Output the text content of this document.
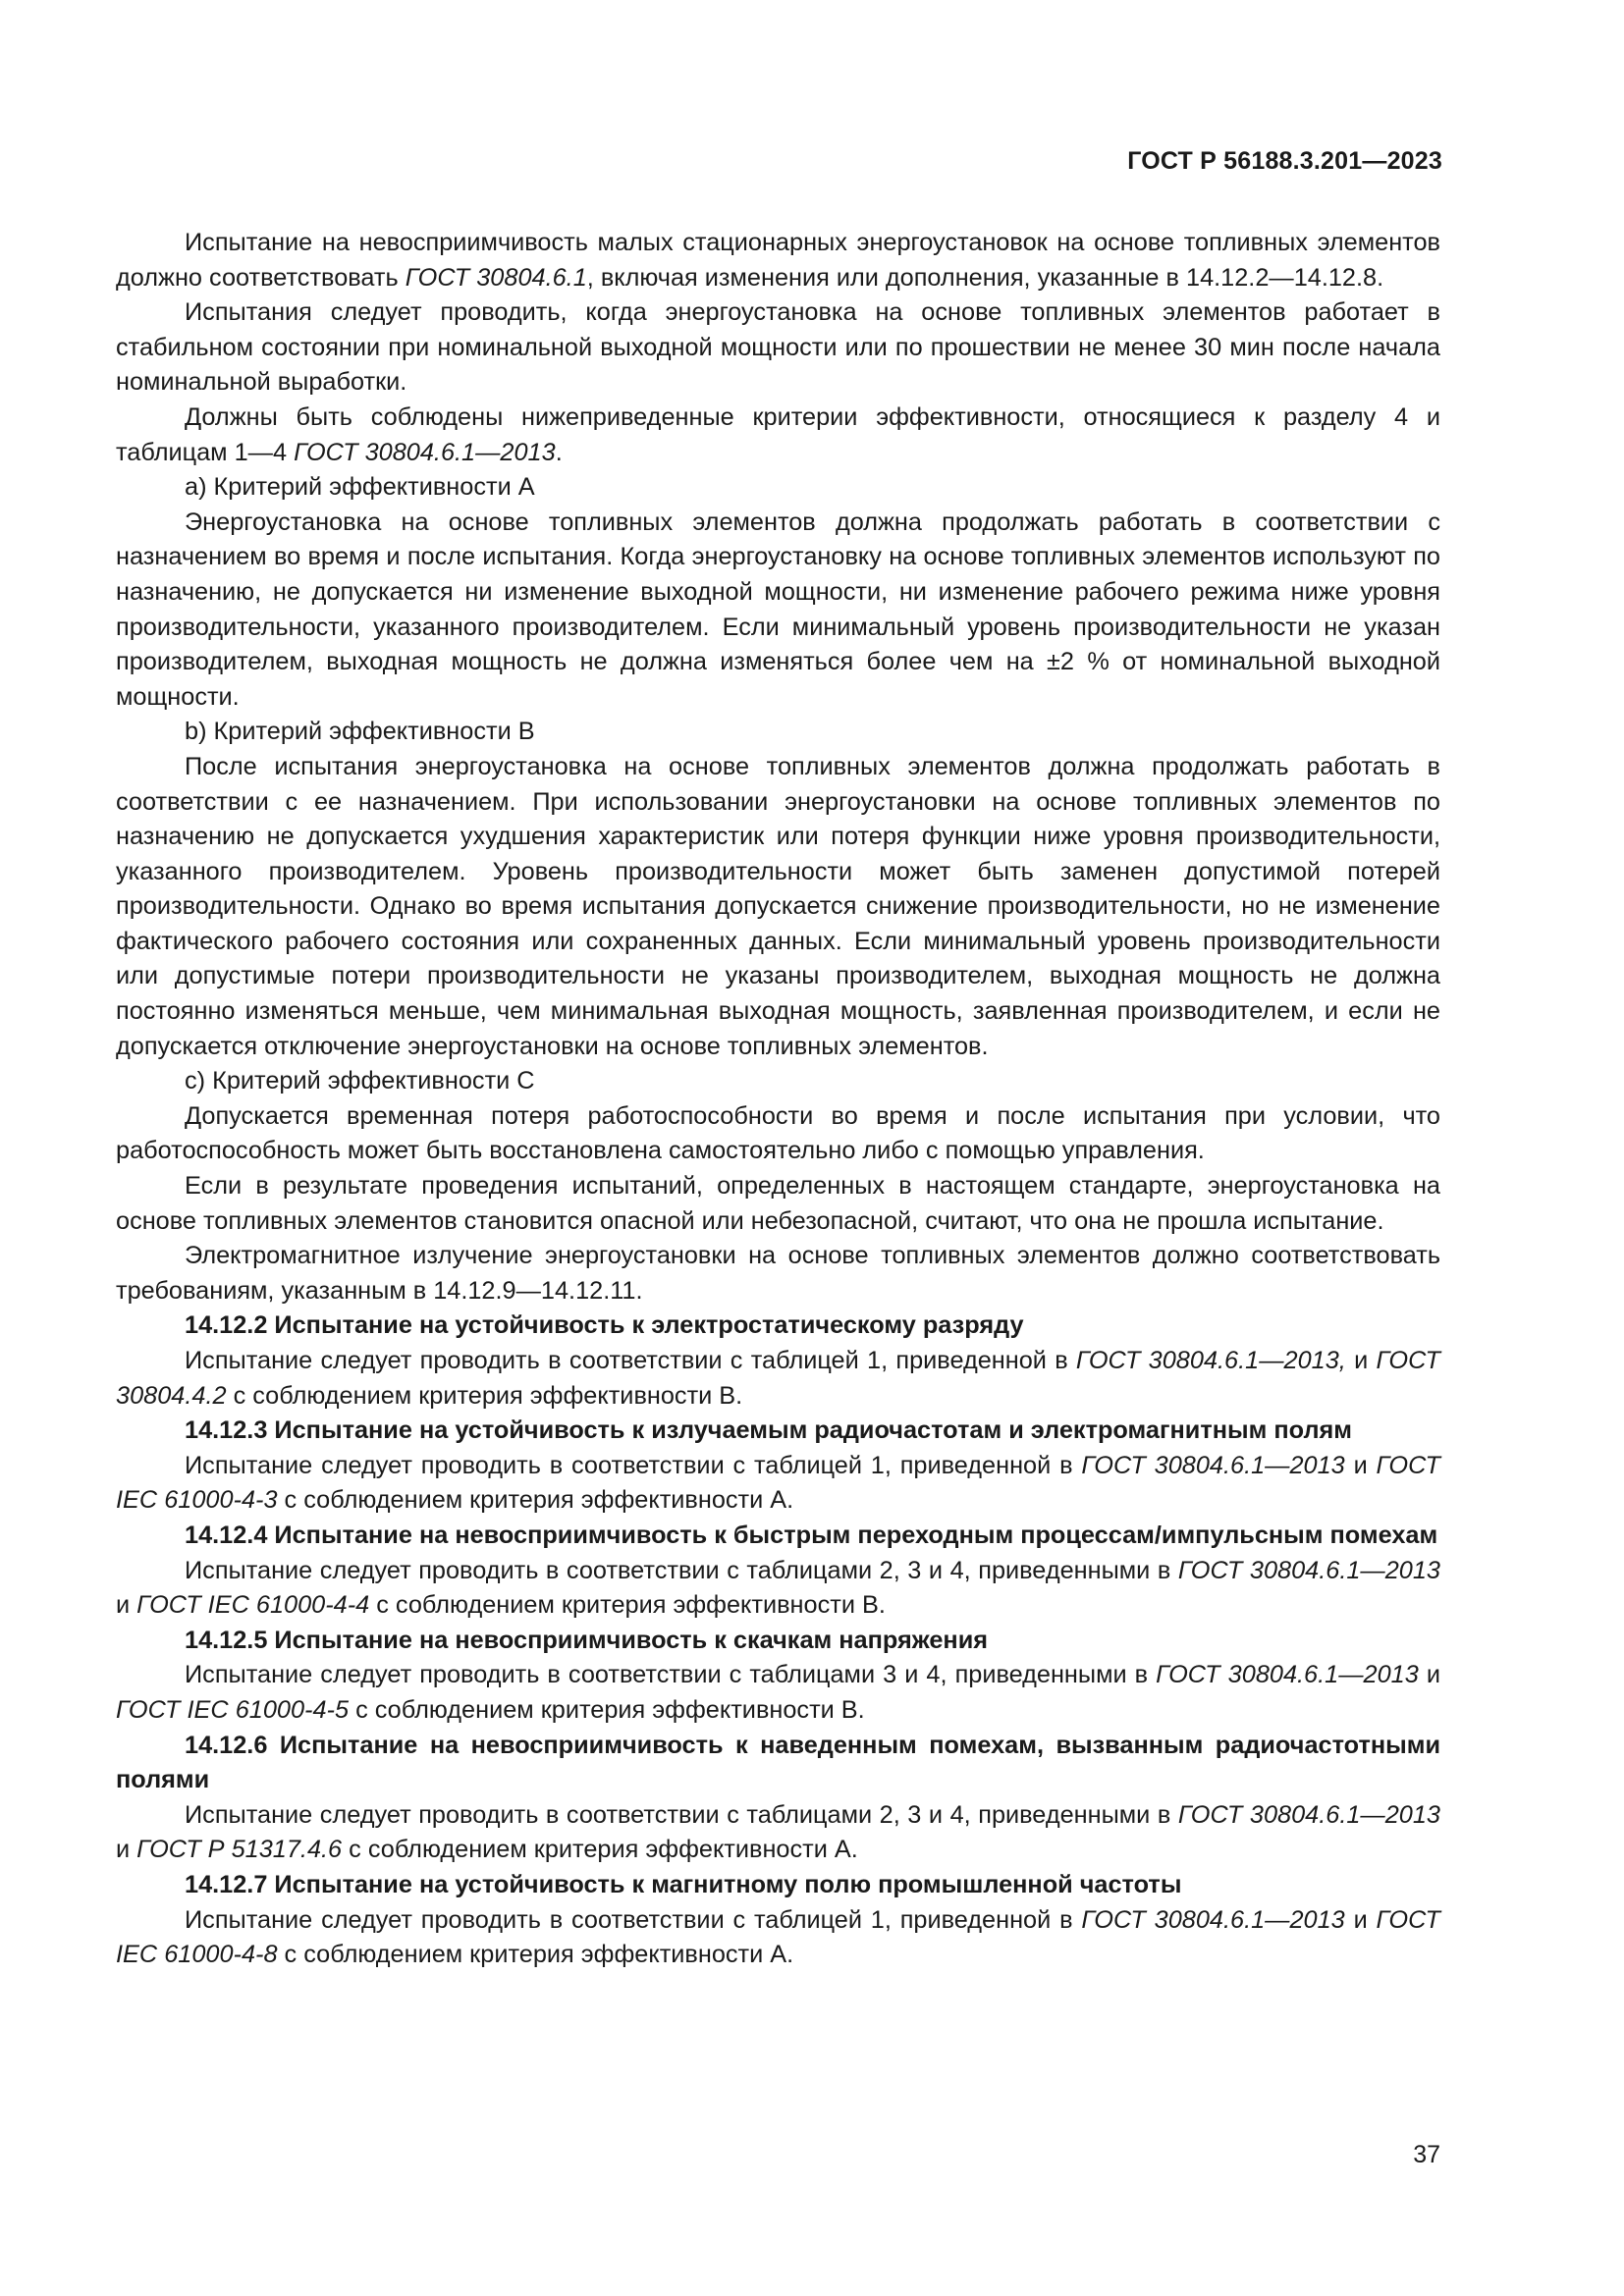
ГОСТ Р 56188.3.201—2023

Испытание на невосприимчивость малых стационарных энергоустановок на основе топливных элементов должно соответствовать ГОСТ 30804.6.1, включая изменения или дополнения, указанные в 14.12.2—14.12.8.

Испытания следует проводить, когда энергоустановка на основе топливных элементов работает в стабильном состоянии при номинальной выходной мощности или по прошествии не менее 30 мин после начала номинальной выработки.

Должны быть соблюдены нижеприведенные критерии эффективности, относящиеся к разделу 4 и таблицам 1—4 ГОСТ 30804.6.1—2013.

a) Критерий эффективности А

Энергоустановка на основе топливных элементов должна продолжать работать в соответствии с назначением во время и после испытания. Когда энергоустановку на основе топливных элементов используют по назначению, не допускается ни изменение выходной мощности, ни изменение рабочего режима ниже уровня производительности, указанного производителем. Если минимальный уровень производительности не указан производителем, выходная мощность не должна изменяться более чем на ±2 % от номинальной выходной мощности.

b) Критерий эффективности В

После испытания энергоустановка на основе топливных элементов должна продолжать работать в соответствии с ее назначением. При использовании энергоустановки на основе топливных элементов по назначению не допускается ухудшения характеристик или потеря функции ниже уровня производительности, указанного производителем. Уровень производительности может быть заменен допустимой потерей производительности. Однако во время испытания допускается снижение производительности, но не изменение фактического рабочего состояния или сохраненных данных. Если минимальный уровень производительности или допустимые потери производительности не указаны производителем, выходная мощность не должна постоянно изменяться меньше, чем минимальная выходная мощность, заявленная производителем, и если не допускается отключение энергоустановки на основе топливных элементов.

c) Критерий эффективности С

Допускается временная потеря работоспособности во время и после испытания при условии, что работоспособность может быть восстановлена самостоятельно либо с помощью управления.

Если в результате проведения испытаний, определенных в настоящем стандарте, энергоустановка на основе топливных элементов становится опасной или небезопасной, считают, что она не прошла испытание.

Электромагнитное излучение энергоустановки на основе топливных элементов должно соответствовать требованиям, указанным в 14.12.9—14.12.11.

14.12.2 Испытание на устойчивость к электростатическому разряду

Испытание следует проводить в соответствии с таблицей 1, приведенной в ГОСТ 30804.6.1—2013, и ГОСТ 30804.4.2 с соблюдением критерия эффективности В.

14.12.3 Испытание на устойчивость к излучаемым радиочастотам и электромагнитным полям

Испытание следует проводить в соответствии с таблицей 1, приведенной в ГОСТ 30804.6.1—2013 и ГОСТ IEC 61000-4-3 с соблюдением критерия эффективности А.

14.12.4 Испытание на невосприимчивость к быстрым переходным процессам/импульсным помехам

Испытание следует проводить в соответствии с таблицами 2, 3 и 4, приведенными в ГОСТ 30804.6.1—2013 и ГОСТ IEC 61000-4-4 с соблюдением критерия эффективности В.

14.12.5 Испытание на невосприимчивость к скачкам напряжения

Испытание следует проводить в соответствии с таблицами 3 и 4, приведенными в ГОСТ 30804.6.1—2013 и ГОСТ IEC 61000-4-5 с соблюдением критерия эффективности В.

14.12.6 Испытание на невосприимчивость к наведенным помехам, вызванным радиочастотными полями

Испытание следует проводить в соответствии с таблицами 2, 3 и 4, приведенными в ГОСТ 30804.6.1—2013 и ГОСТ Р 51317.4.6 с соблюдением критерия эффективности А.

14.12.7 Испытание на устойчивость к магнитному полю промышленной частоты

Испытание следует проводить в соответствии с таблицей 1, приведенной в ГОСТ 30804.6.1—2013 и ГОСТ IEC 61000-4-8 с соблюдением критерия эффективности А.

37
